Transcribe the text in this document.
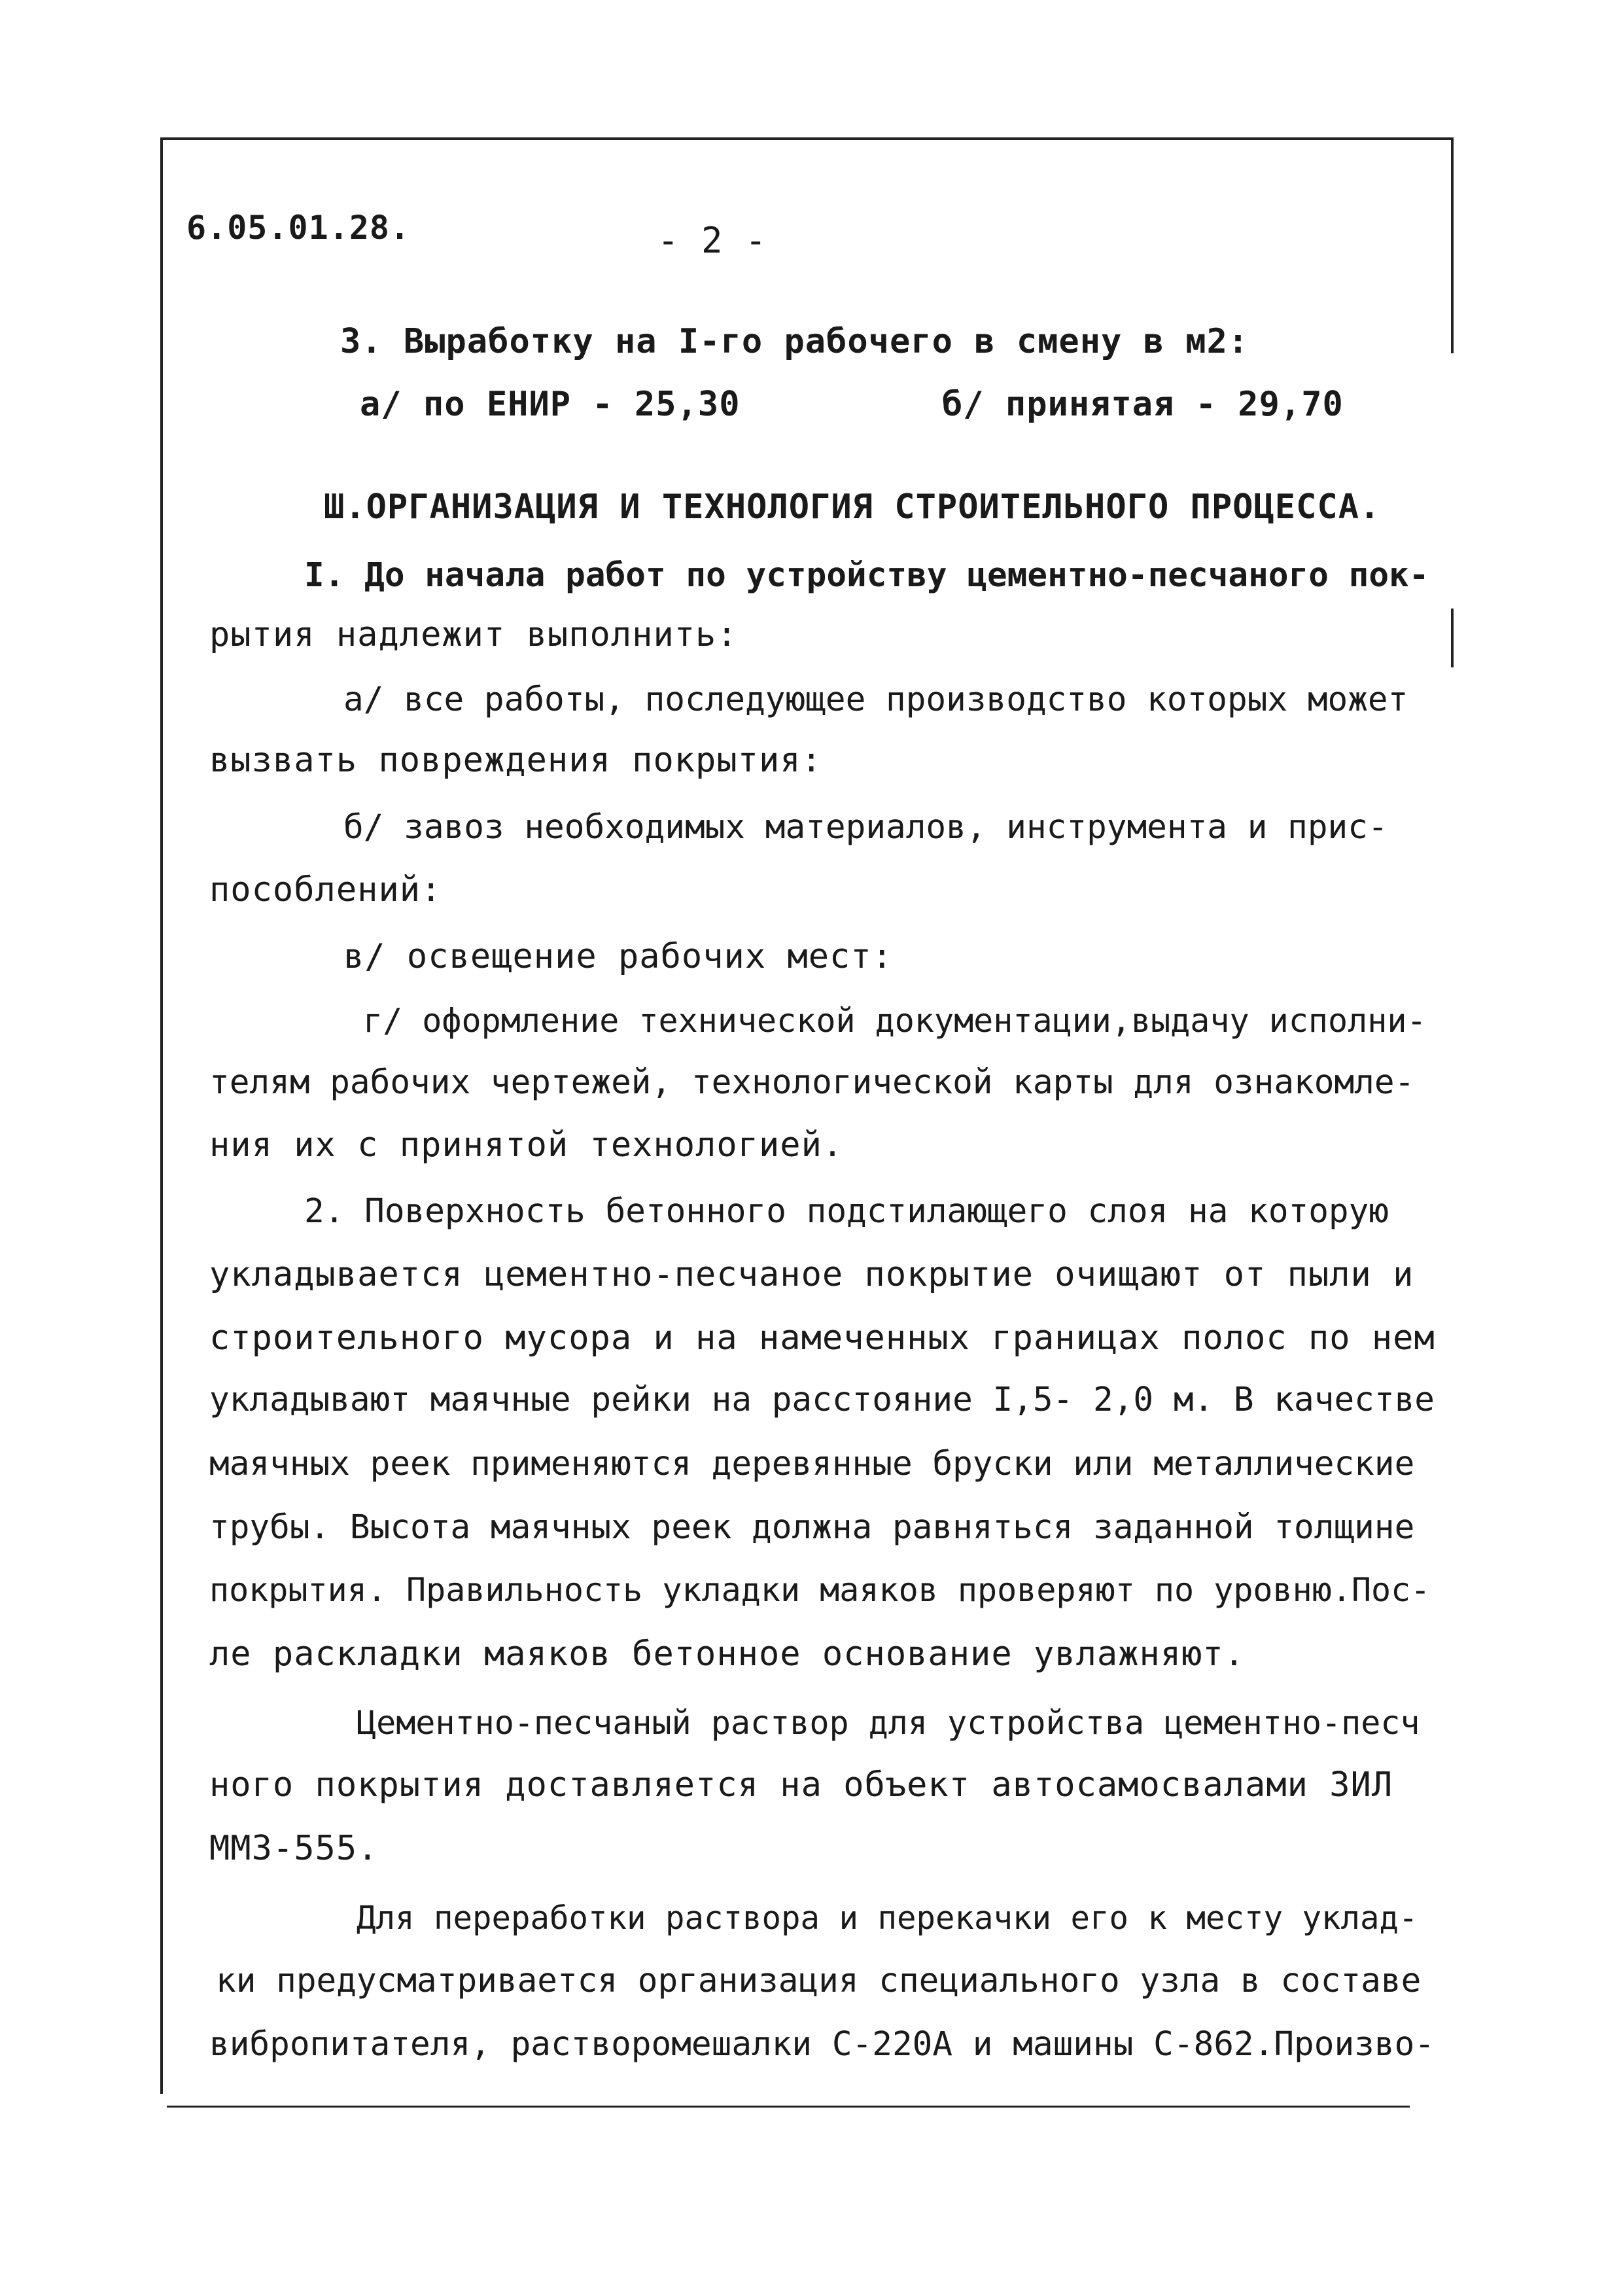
6.05.01.28.	- 2 -
3. Выработку на I-го рабочего в смену в м2:
а/ по ЕНИР - 25,30	б/ принятая - 29,70
Ш.ОРГАНИЗАЦИЯ И ТЕХНОЛОГИЯ СТРОИТЕЛЬНОГО ПРОЦЕССА.
I. До начала работ по устройству цементно-песчаного пок-
рытия надлежит выполнить:
а/ все работы, последующее производство которых может
вызвать повреждения покрытия:
б/ завоз необходимых материалов, инструмента и прис-
пособлений:
в/ освещение рабочих мест:
г/ оформление технической документации,выдачу исполни-
телям рабочих чертежей, технологической карты для ознакомле-
ния их с принятой технологией.
2. Поверхность бетонного подстилающего слоя на которую
укладывается цементно-песчаное покрытие очищают от пыли и
строительного мусора и на намеченных границах полос по нем
укладывают маячные рейки на расстояние I,5- 2,0 м. В качестве
маячных реек применяются деревянные бруски или металлические
трубы. Высота маячных реек должна равняться заданной толщине
покрытия. Правильность укладки маяков проверяют по уровню.Пос-
ле раскладки маяков бетонное основание увлажняют.
Цементно-песчаный раствор для устройства цементно-песч
ного покрытия доставляется на объект автосамосвалами ЗИЛ
ММЗ-555.
Для переработки раствора и перекачки его к месту уклад-
ки предусматривается организация специального узла в составе
вибропитателя, растворомешалки С-220А и машины С-862.Произво-
